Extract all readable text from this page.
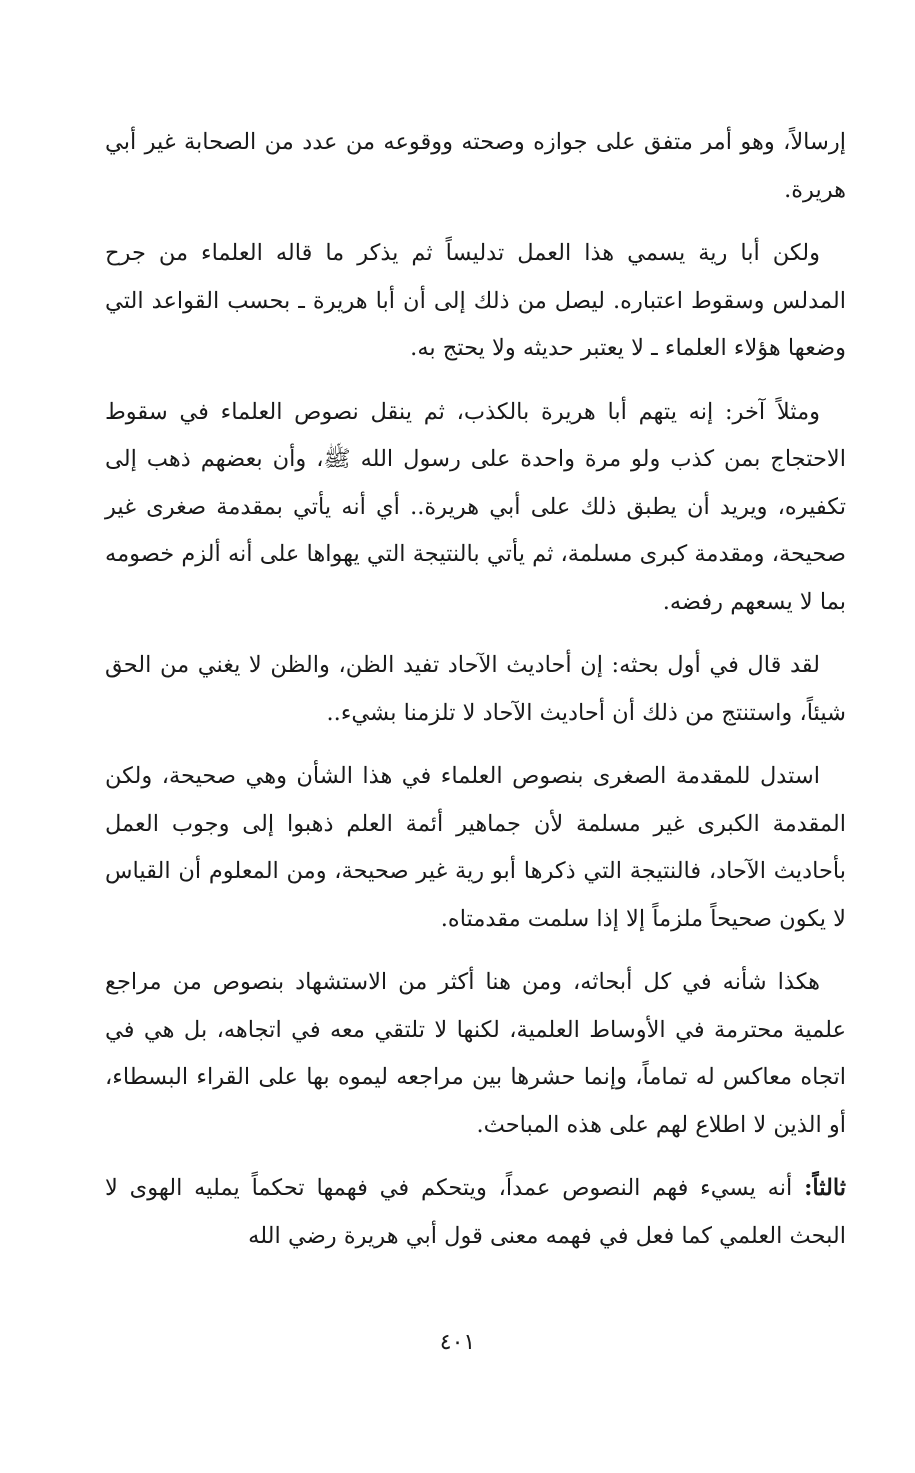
إرسالاً، وهو أمر متفق على جوازه وصحته ووقوعه من عدد من الصحابة غير أبي هريرة.

ولكن أبا رية يسمي هذا العمل تدليساً ثم يذكر ما قاله العلماء من جرح المدلس وسقوط اعتباره. ليصل من ذلك إلى أن أبا هريرة ـ بحسب القواعد التي وضعها هؤلاء العلماء ـ لا يعتبر حديثه ولا يحتج به.

ومثلاً آخر: إنه يتهم أبا هريرة بالكذب، ثم ينقل نصوص العلماء في سقوط الاحتجاج بمن كذب ولو مرة واحدة على رسول الله ﷺ، وأن بعضهم ذهب إلى تكفيره، ويريد أن يطبق ذلك على أبي هريرة.. أي أنه يأتي بمقدمة صغرى غير صحيحة، ومقدمة كبرى مسلمة، ثم يأتي بالنتيجة التي يهواها على أنه ألزم خصومه بما لا يسعهم رفضه.

لقد قال في أول بحثه: إن أحاديث الآحاد تفيد الظن، والظن لا يغني من الحق شيئاً، واستنتج من ذلك أن أحاديث الآحاد لا تلزمنا بشيء..

استدل للمقدمة الصغرى بنصوص العلماء في هذا الشأن وهي صحيحة، ولكن المقدمة الكبرى غير مسلمة لأن جماهير أئمة العلم ذهبوا إلى وجوب العمل بأحاديث الآحاد، فالنتيجة التي ذكرها أبو رية غير صحيحة، ومن المعلوم أن القياس لا يكون صحيحاً ملزماً إلا إذا سلمت مقدمتاه.

هكذا شأنه في كل أبحاثه، ومن هنا أكثر من الاستشهاد بنصوص من مراجع علمية محترمة في الأوساط العلمية، لكنها لا تلتقي معه في اتجاهه، بل هي في اتجاه معاكس له تماماً، وإنما حشرها بين مراجعه ليموه بها على القراء البسطاء، أو الذين لا اطلاع لهم على هذه المباحث.

ثالثاً: أنه يسيء فهم النصوص عمداً، ويتحكم في فهمها تحكماً يمليه الهوى لا البحث العلمي كما فعل في فهمه معنى قول أبي هريرة رضي الله

٤٠١
